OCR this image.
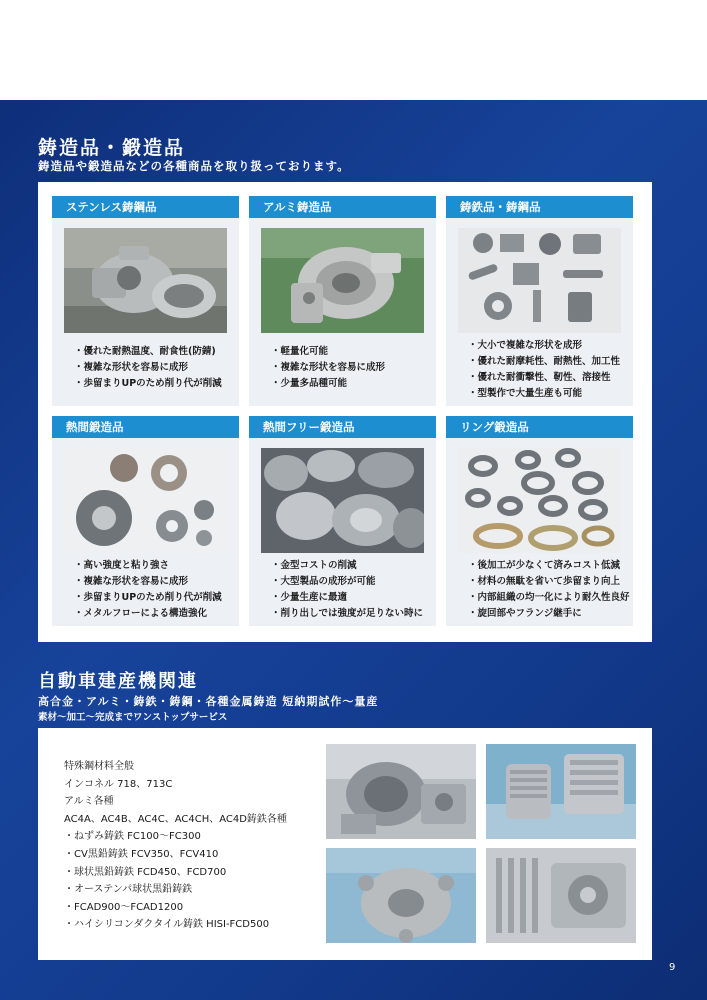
鋳造品・鍛造品

鋳造品や鍛造品などの各種商品を取り扱っております。

ステンレス鋳鋼品
・優れた耐熱温度、耐食性(防錆)
・複雑な形状を容易に成形
・歩留まりUPのため削り代が削減
アルミ鋳造品
・軽量化可能
・複雑な形状を容易に成形
・少量多品種可能
鋳鉄品・鋳鋼品
・大小で複雑な形状を成形
・優れた耐摩耗性、耐熱性、加工性
・優れた耐衝撃性、靭性、溶接性
・型製作で大量生産も可能
熱間鍛造品
・高い強度と粘り強さ
・複雑な形状を容易に成形
・歩留まりUPのため削り代が削減
・メタルフローによる構造強化
熱間フリー鍛造品
・金型コストの削減
・大型製品の成形が可能
・少量生産に最適
・削り出しでは強度が足りない時に
リング鍛造品
・後加工が少なくて済みコスト低減
・材料の無駄を省いて歩留まり向上
・内部組織の均一化により耐久性良好
・旋回部やフランジ継手に
自動車建産機関連

高合金・アルミ・鋳鉄・鋳鋼・各種金属鋳造 短納期試作〜量産

素材〜加工〜完成までワンストップサービス

特殊鋼材料全般
インコネル 718、713C
アルミ各種
AC4A、AC4B、AC4C、AC4CH、AC4D鋳鉄各種
・ねずみ鋳鉄 FC100〜FC300
・CV黒鉛鋳鉄 FCV350、FCV410
・球状黒鉛鋳鉄 FCD450、FCD700
・オーステンパ球状黒鉛鋳鉄
・FCAD900〜FCAD1200
・ハイシリコンダクタイル鋳鉄 HISI-FCD500
9
